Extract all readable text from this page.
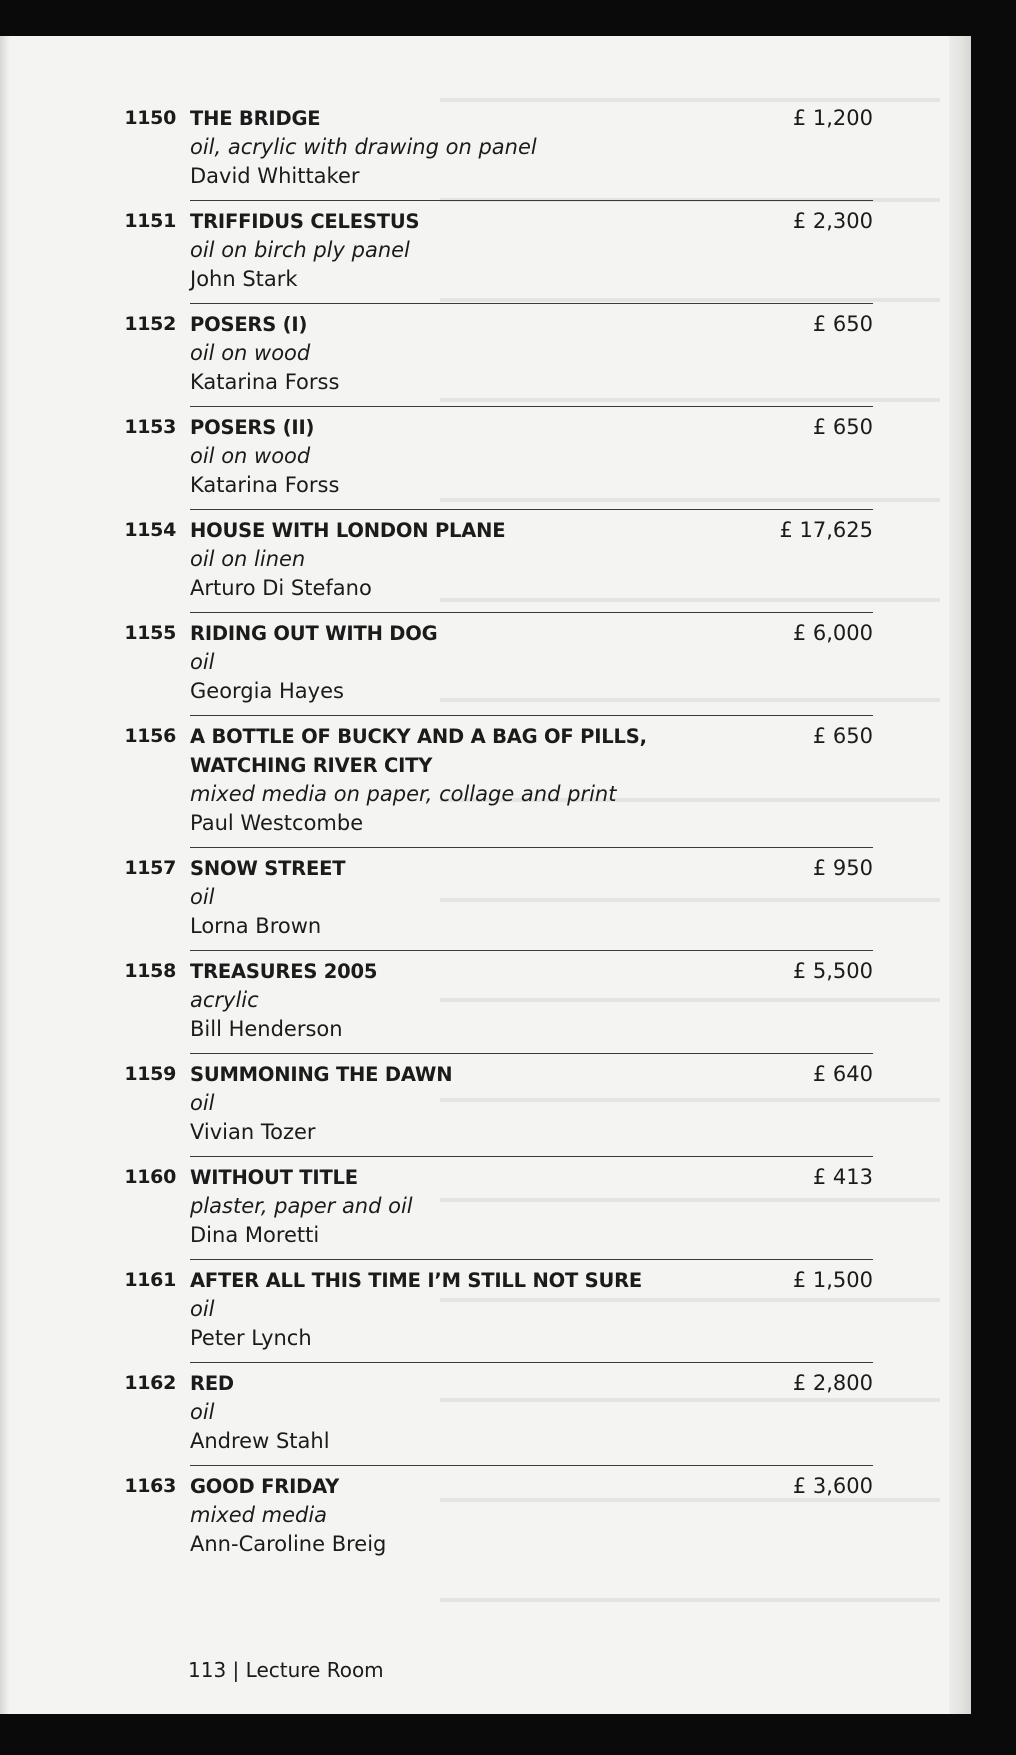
1150 THE BRIDGE
oil, acrylic with drawing on panel
David Whittaker
£ 1,200
1151 TRIFFIDUS CELESTUS
oil on birch ply panel
John Stark
£ 2,300
1152 POSERS (I)
oil on wood
Katarina Forss
£ 650
1153 POSERS (II)
oil on wood
Katarina Forss
£ 650
1154 HOUSE WITH LONDON PLANE
oil on linen
Arturo Di Stefano
£ 17,625
1155 RIDING OUT WITH DOG
oil
Georgia Hayes
£ 6,000
1156 A BOTTLE OF BUCKY AND A BAG OF PILLS,
WATCHING RIVER CITY
mixed media on paper, collage and print
Paul Westcombe
£ 650
1157 SNOW STREET
oil
Lorna Brown
£ 950
1158 TREASURES 2005
acrylic
Bill Henderson
£ 5,500
1159 SUMMONING THE DAWN
oil
Vivian Tozer
£ 640
1160 WITHOUT TITLE
plaster, paper and oil
Dina Moretti
£ 413
1161 AFTER ALL THIS TIME I’M STILL NOT SURE
oil
Peter Lynch
£ 1,500
1162 RED
oil
Andrew Stahl
£ 2,800
1163 GOOD FRIDAY
mixed media
Ann-Caroline Breig
£ 3,600
113 | Lecture Room
